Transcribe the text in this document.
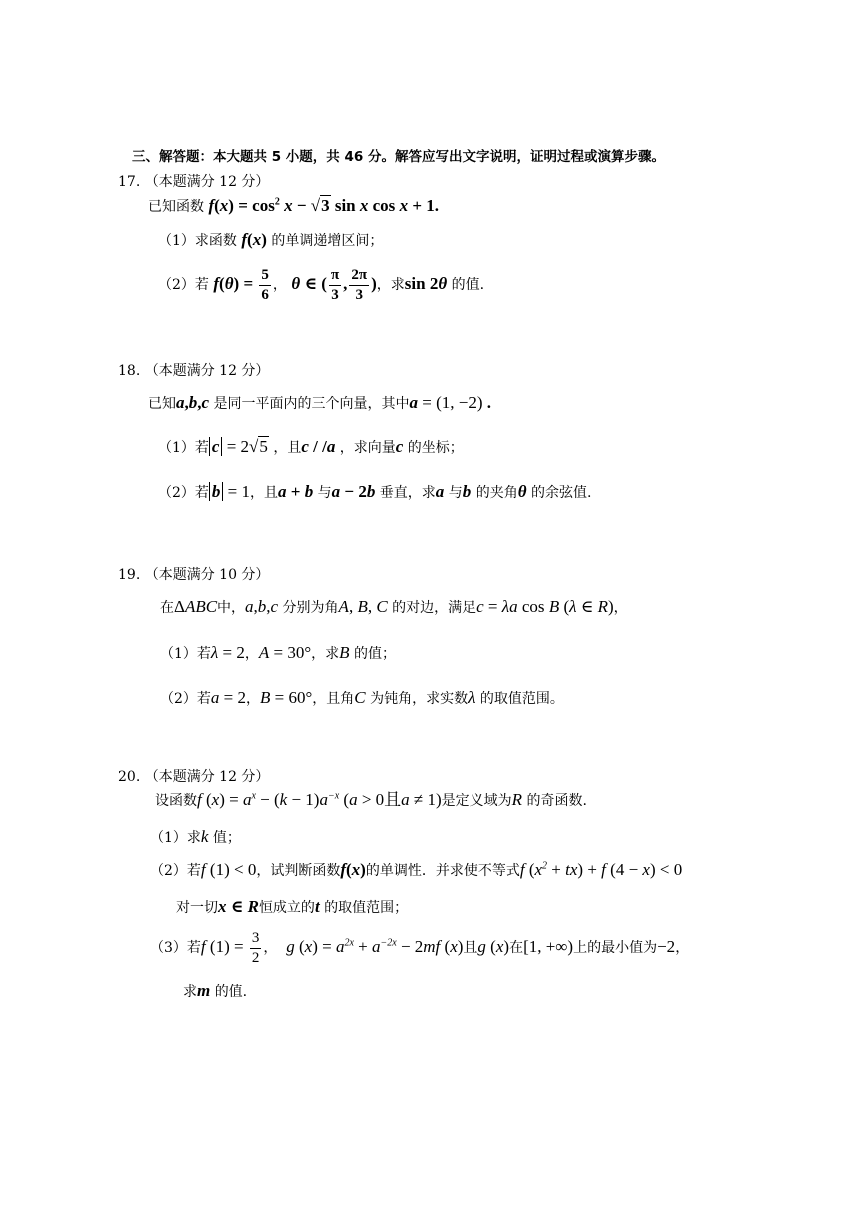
三、解答题：本大题共 5 小题，共 46 分。解答应写出文字说明，证明过程或演算步骤。
17. （本题满分 12 分）
已知函数 $f(x) = \cos^2 x - √3$ sin x cos x + 1.
（1）求函数 f(x) 的单调递增区间；
（2）若 $f(\theta) = \frac{5}{6}$ ， θ ∈ ( $\frac{\pi}{3}$ , $\frac{2\pi}{3}$ )，求sin 2θ 的值.
18. （本题满分 12 分）
已知a,b,c 是同一平面内的三个向量，其中a = (1, −2) .
（1）若 c = 2√5 ，且c / /a ，求向量c 的坐标；
（2）若 b = 1，且a + b 与a − 2b 垂直，求a 与b 的夹角θ 的余弦值.
19. （本题满分 10 分）
在ΔABC中，a,b,c 分别为角A, B, C 的对边，满足c = λa cos B (λ ∈ R)，
（1）若λ = 2，A = 30°，求B 的值；
（2）若a = 2，B = 60°，且角C 为钝角，求实数λ 的取值范围。
20. （本题满分 12 分）
设函数f $(x) = a^x - (k - 1)a^{-x}$ (a > 0且a ≠ 1)是定义域为R 的奇函数.
（1）求k 值；
（2）若f (1) < 0，试判断函数f(x)的单调性．并求使不等式f $(x^2 + tx) + f$ (4 − x) < 0
对一切x ∈ R恒成立的t 的取值范围；
（3）若f $(1) = \frac{3}{2}$ ， g $(x) = a^{2x} + a^{-2x} - 2mf$ (x)且g (x)在[1, +∞)上的最小值为−2，
求m 的值.
